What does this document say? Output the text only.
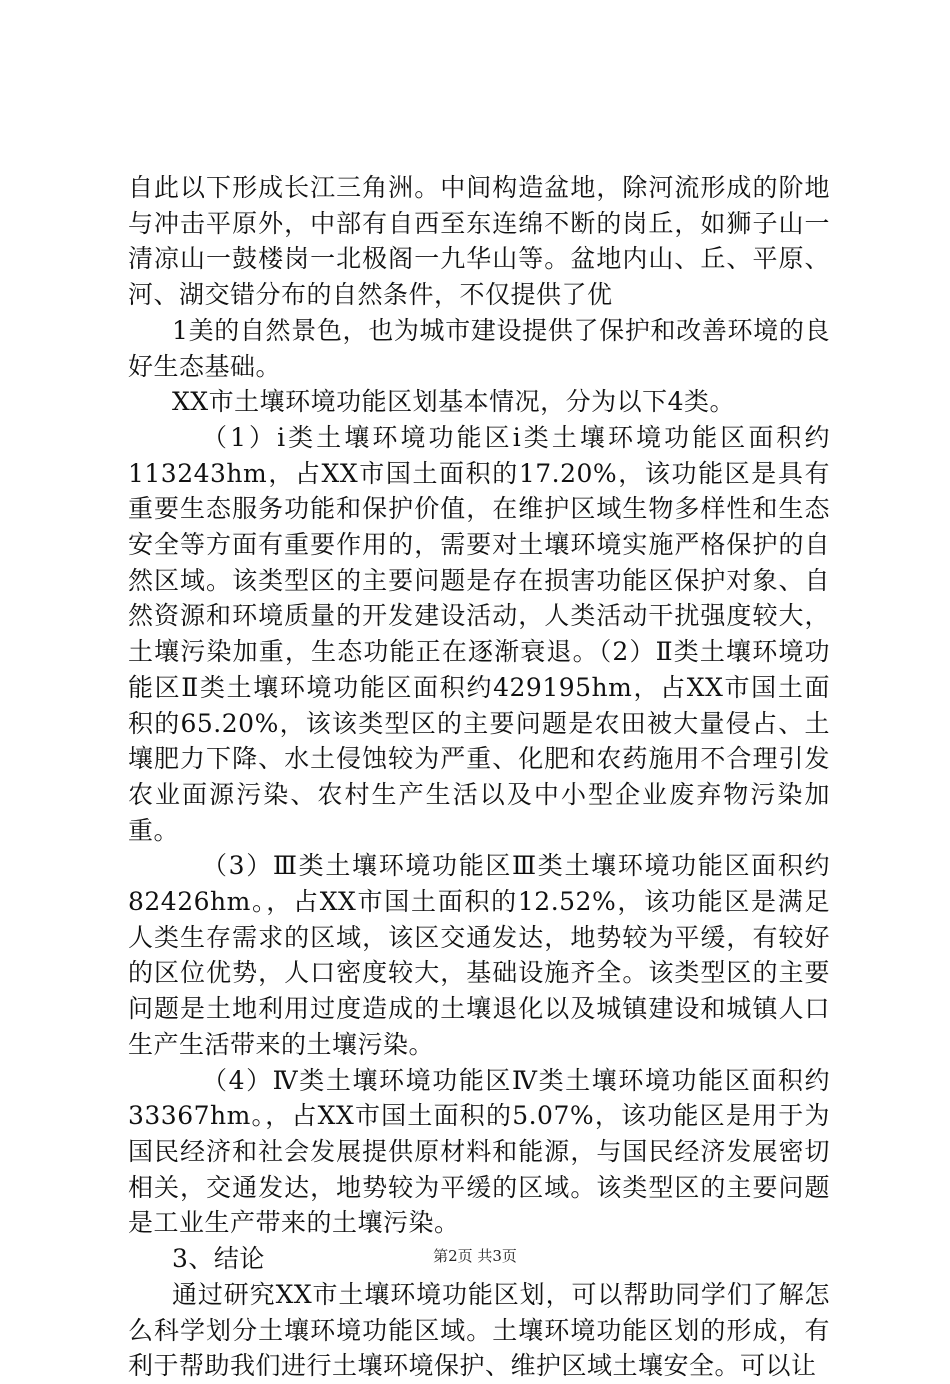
自此以下形成长江三角洲。中间构造盆地，除河流形成的阶地与冲击平原外，中部有自西至东连绵不断的岗丘，如狮子山一清凉山一鼓楼岗一北极阁一九华山等。盆地内山、丘、平原、河、湖交错分布的自然条件，不仅提供了优

1美的自然景色，也为城市建设提供了保护和改善环境的良好生态基础。

XX市土壤环境功能区划基本情况，分为以下4类。

（1）i类土壤环境功能区i类土壤环境功能区面积约113243hm，占XX市国土面积的17.20%，该功能区是具有重要生态服务功能和保护价值，在维护区域生物多样性和生态安全等方面有重要作用的，需要对土壤环境实施严格保护的自然区域。该类型区的主要问题是存在损害功能区保护对象、自然资源和环境质量的开发建设活动，人类活动干扰强度较大，土壤污染加重，生态功能正在逐渐衰退。（2）Ⅱ类土壤环境功能区Ⅱ类土壤环境功能区面积约429195hm，占XX市国土面积的65.20%，该该类型区的主要问题是农田被大量侵占、土壤肥力下降、水土侵蚀较为严重、化肥和农药施用不合理引发农业面源污染、农村生产生活以及中小型企业废弃物污染加重。

（3）Ⅲ类土壤环境功能区Ⅲ类土壤环境功能区面积约82426hm。，占XX市国土面积的12.52%，该功能区是满足人类生存需求的区域，该区交通发达，地势较为平缓，有较好的区位优势，人口密度较大，基础设施齐全。该类型区的主要问题是土地利用过度造成的土壤退化以及城镇建设和城镇人口生产生活带来的土壤污染。

（4）Ⅳ类土壤环境功能区Ⅳ类土壤环境功能区面积约33367hm。，占XX市国土面积的5.07%，该功能区是用于为国民经济和社会发展提供原材料和能源，与国民经济发展密切相关，交通发达，地势较为平缓的区域。该类型区的主要问题是工业生产带来的土壤污染。

3、结论

通过研究XX市土壤环境功能区划，可以帮助同学们了解怎么科学划分土壤环境功能区域。土壤环境功能区划的形成，有利于帮助我们进行土壤环境保护、维护区域土壤安全。可以让

第2页 共3页
